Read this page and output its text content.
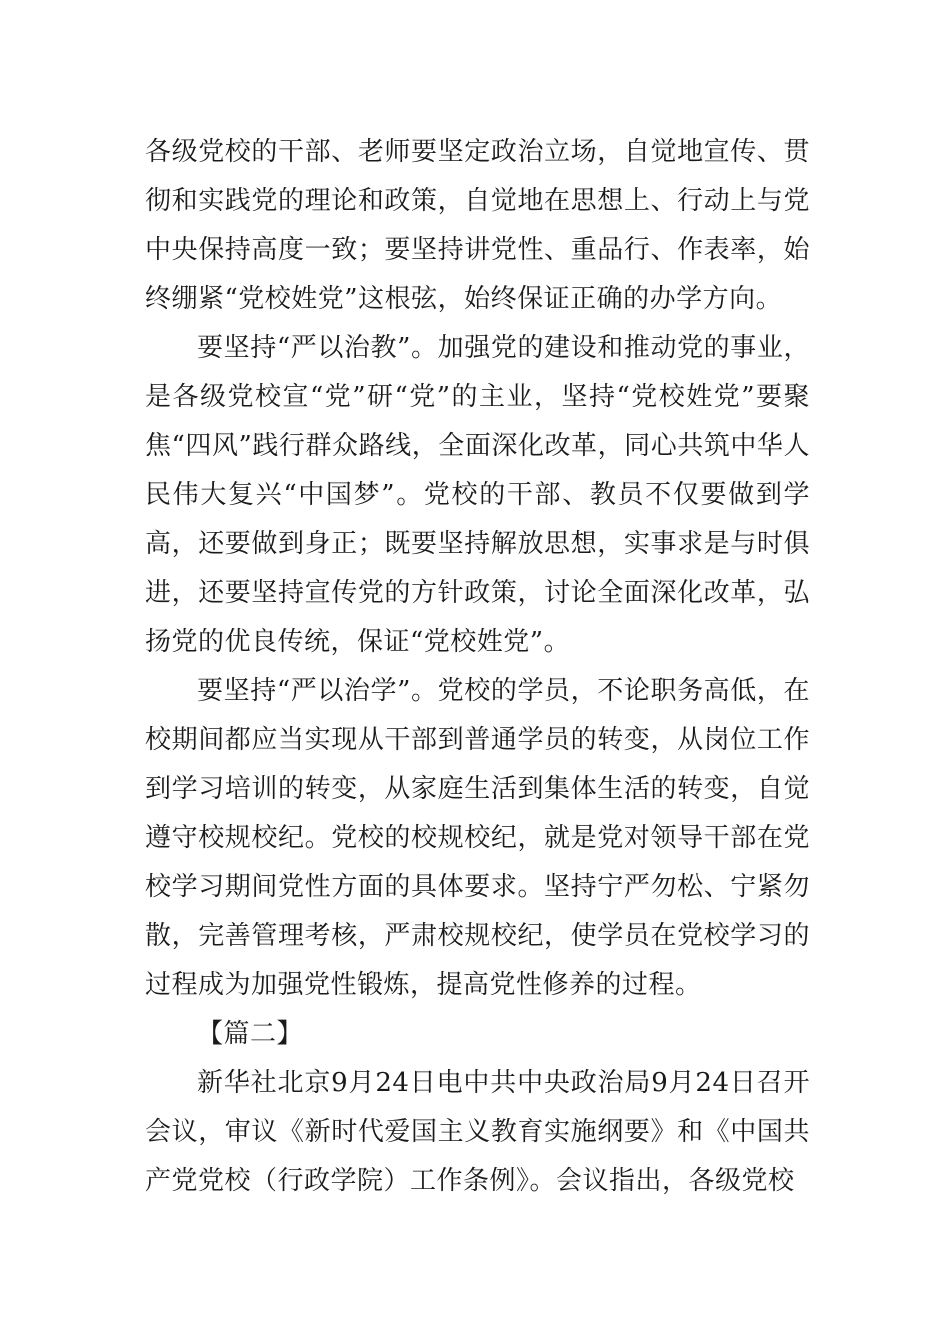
各级党校的干部、老师要坚定政治立场，自觉地宣传、贯彻和实践党的理论和政策，自觉地在思想上、行动上与党中央保持高度一致；要坚持讲党性、重品行、作表率，始终绷紧“党校姓党”这根弦，始终保证正确的办学方向。

要坚持“严以治教”。加强党的建设和推动党的事业，是各级党校宣“党”研“党”的主业，坚持“党校姓党”要聚焦“四风”践行群众路线，全面深化改革，同心共筑中华人民伟大复兴“中国梦”。党校的干部、教员不仅要做到学高，还要做到身正；既要坚持解放思想，实事求是与时俱进，还要坚持宣传党的方针政策，讨论全面深化改革，弘扬党的优良传统，保证“党校姓党”。

要坚持“严以治学”。党校的学员，不论职务高低，在校期间都应当实现从干部到普通学员的转变，从岗位工作到学习培训的转变，从家庭生活到集体生活的转变，自觉遵守校规校纪。党校的校规校纪，就是党对领导干部在党校学习期间党性方面的具体要求。坚持宁严勿松、宁紧勿散，完善管理考核，严肃校规校纪，使学员在党校学习的过程成为加强党性锻炼，提高党性修养的过程。

【篇二】

新华社北京9月24日电中共中央政治局9月24日召开会议，审议《新时代爱国主义教育实施纲要》和《中国共产党党校（行政学院）工作条例》。会议指出，各级党校
